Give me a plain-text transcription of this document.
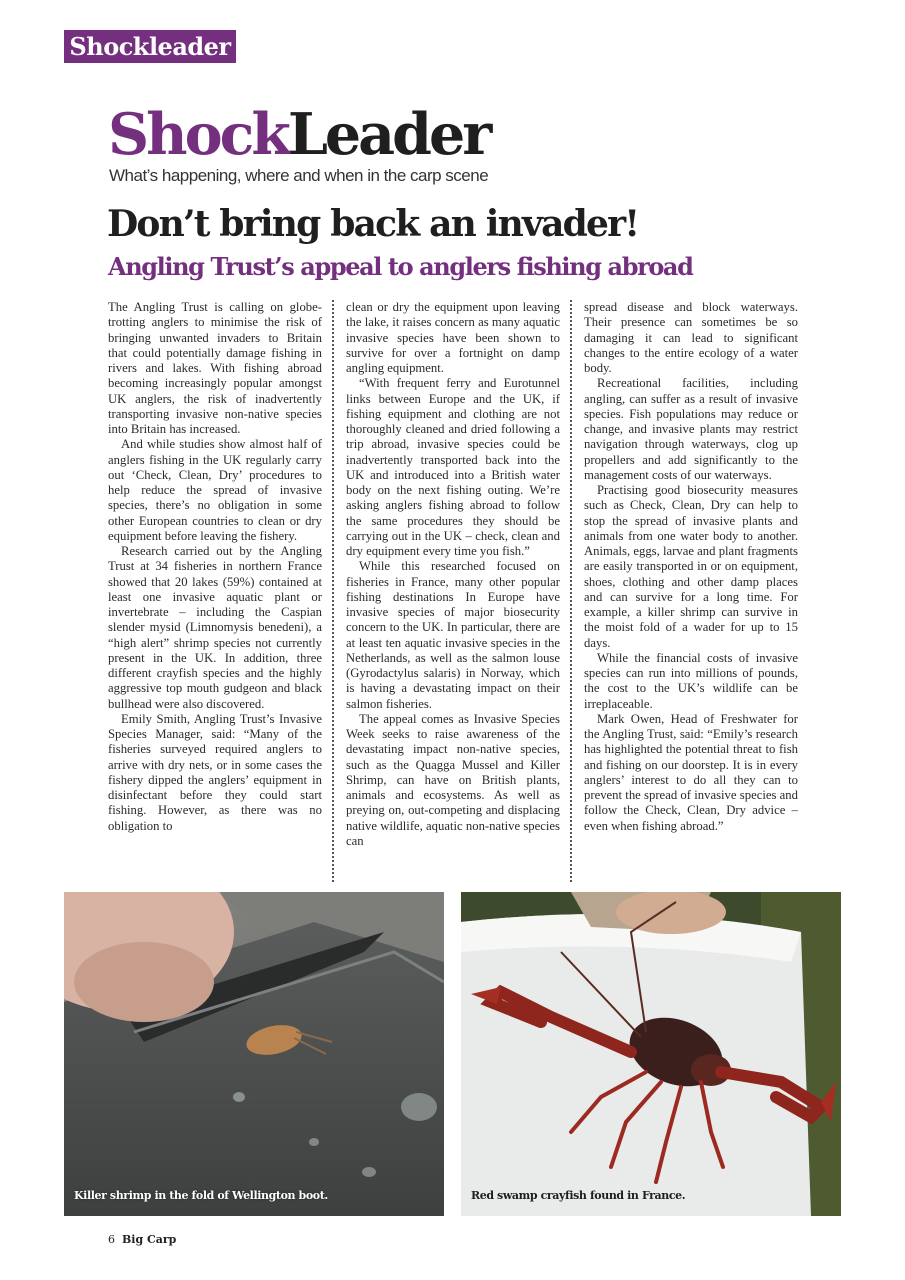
Shockleader
ShockLeader
What’s happening, where and when in the carp scene
Don’t bring back an invader!
Angling Trust’s appeal to anglers fishing abroad

The Angling Trust is calling on globe-trotting anglers to minimise the risk of bringing unwanted invaders to Britain that could potentially damage fishing in rivers and lakes. With fishing abroad becoming increasingly popular amongst UK anglers, the risk of inadvertently transporting invasive non-native species into Britain has increased.

And while studies show almost half of anglers fishing in the UK regularly carry out ‘Check, Clean, Dry’ procedures to help reduce the spread of invasive species, there’s no obligation in some other European countries to clean or dry equipment before leaving the fishery.

Research carried out by the Angling Trust at 34 fisheries in northern France showed that 20 lakes (59%) contained at least one invasive aquatic plant or invertebrate – including the Caspian slender mysid (Limnomysis benedeni), a “high alert” shrimp species not currently present in the UK. In addition, three different crayfish species and the highly aggressive top mouth gudgeon and black bullhead were also discovered.

Emily Smith, Angling Trust’s Invasive Species Manager, said: “Many of the fisheries surveyed required anglers to arrive with dry nets, or in some cases the fishery dipped the anglers’ equipment in disinfectant before they could start fishing. However, as there was no obligation to

clean or dry the equipment upon leaving the lake, it raises concern as many aquatic invasive species have been shown to survive for over a fortnight on damp angling equipment.

“With frequent ferry and Eurotunnel links between Europe and the UK, if fishing equipment and clothing are not thoroughly cleaned and dried following a trip abroad, invasive species could be inadvertently transported back into the UK and introduced into a British water body on the next fishing outing. We’re asking anglers fishing abroad to follow the same procedures they should be carrying out in the UK – check, clean and dry equipment every time you fish.”

While this researched focused on fisheries in France, many other popular fishing destinations In Europe have invasive species of major biosecurity concern to the UK. In particular, there are at least ten aquatic invasive species in the Netherlands, as well as the salmon louse (Gyrodactylus salaris) in Norway, which is having a devastating impact on their salmon fisheries.

The appeal comes as Invasive Species Week seeks to raise awareness of the devastating impact non-native species, such as the Quagga Mussel and Killer Shrimp, can have on British plants, animals and ecosystems. As well as preying on, out-competing and displacing native wildlife, aquatic non-native species can

spread disease and block waterways. Their presence can sometimes be so damaging it can lead to significant changes to the entire ecology of a water body.

Recreational facilities, including angling, can suffer as a result of invasive species. Fish populations may reduce or change, and invasive plants may restrict navigation through waterways, clog up propellers and add significantly to the management costs of our waterways.

Practising good biosecurity measures such as Check, Clean, Dry can help to stop the spread of invasive plants and animals from one water body to another. Animals, eggs, larvae and plant fragments are easily transported in or on equipment, shoes, clothing and other damp places and can survive for a long time. For example, a killer shrimp can survive in the moist fold of a wader for up to 15 days.

While the financial costs of invasive species can run into millions of pounds, the cost to the UK’s wildlife can be irreplaceable.

Mark Owen, Head of Freshwater for the Angling Trust, said: “Emily’s research has highlighted the potential threat to fish and fishing on our doorstep. It is in every anglers’ interest to do all they can to prevent the spread of invasive species and follow the Check, Clean, Dry advice – even when fishing abroad.”

Killer shrimp in the fold of Wellington boot.	Red swamp crayfish found in France.
6 Big Carp
